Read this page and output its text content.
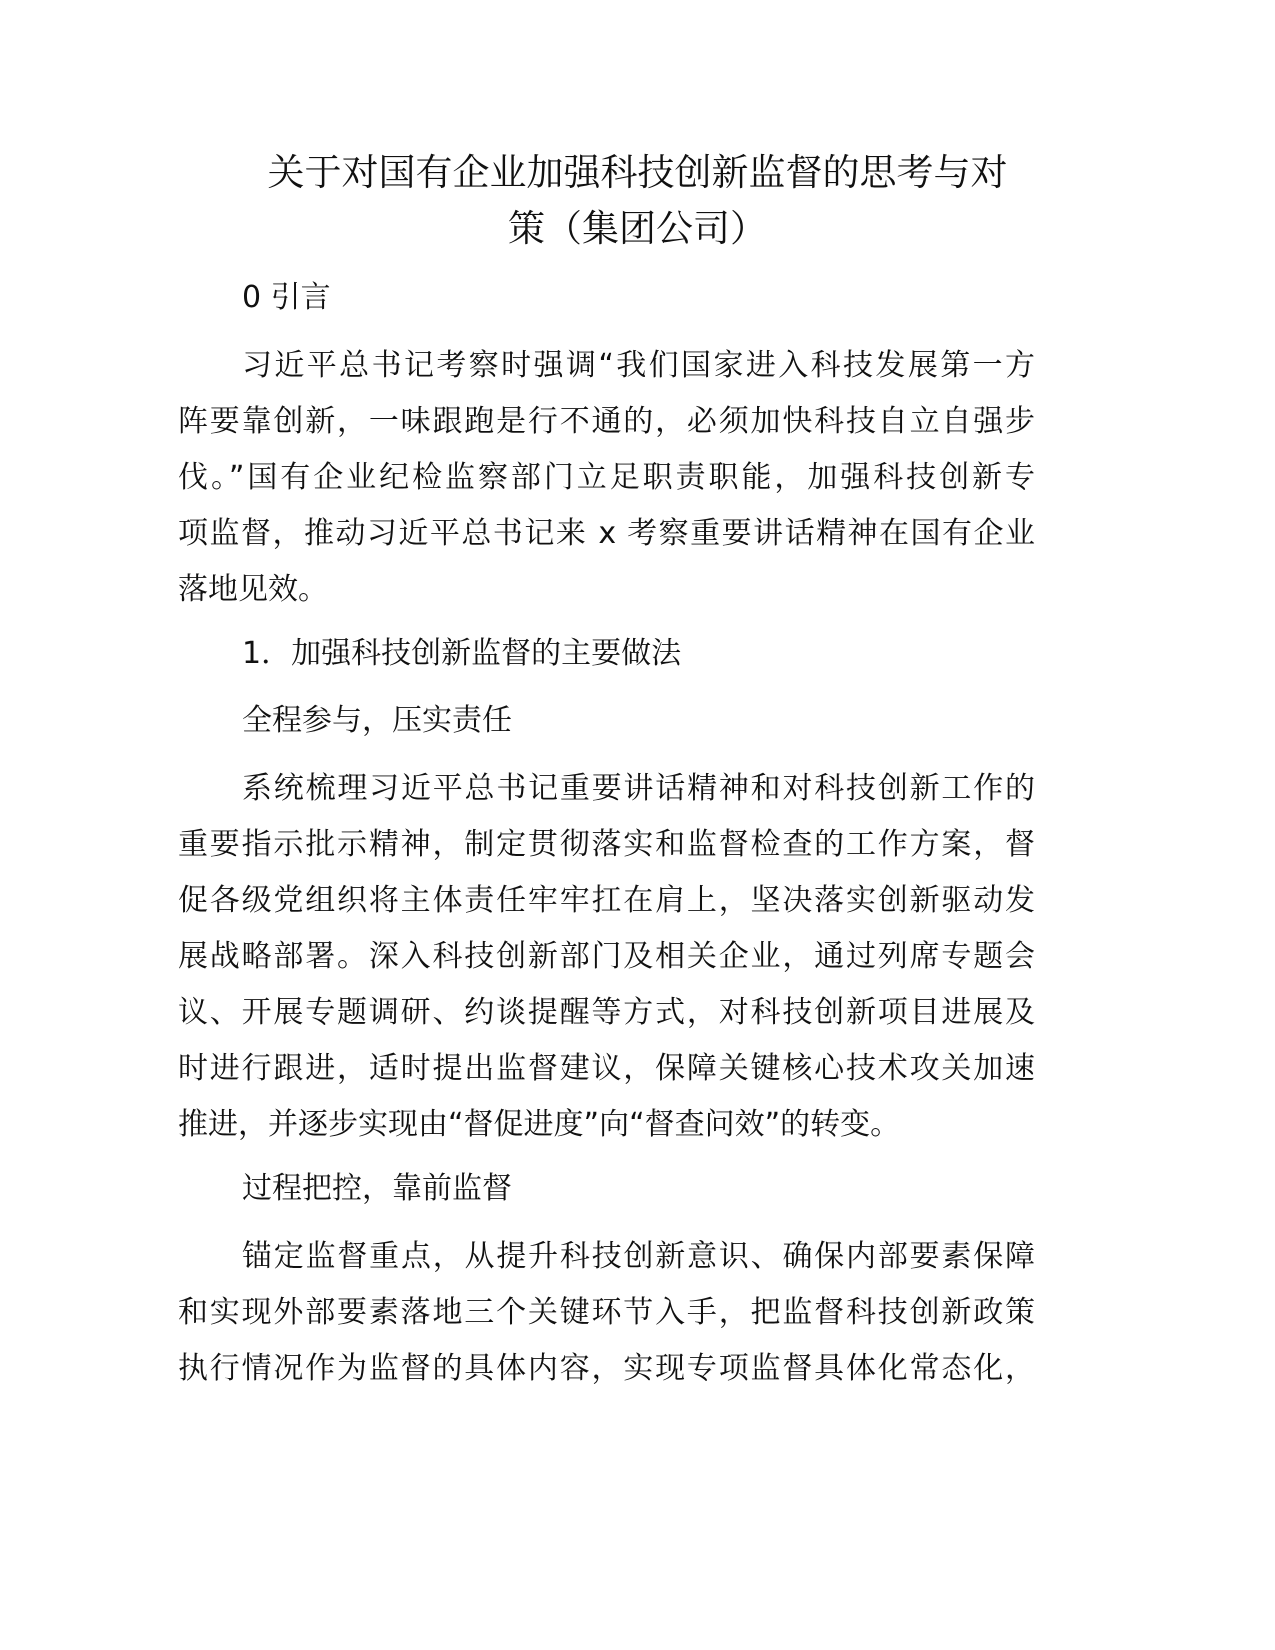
关于对国有企业加强科技创新监督的思考与对
策（集团公司）
0 引言
习近平总书记考察时强调“我们国家进入科技发展第一方
阵要靠创新，一味跟跑是行不通的，必须加快科技自立自强步
伐。”国有企业纪检监察部门立足职责职能，加强科技创新专
项监督，推动习近平总书记来 x 考察重要讲话精神在国有企业
落地见效。
1．加强科技创新监督的主要做法
全程参与，压实责任
系统梳理习近平总书记重要讲话精神和对科技创新工作的
重要指示批示精神，制定贯彻落实和监督检查的工作方案，督
促各级党组织将主体责任牢牢扛在肩上，坚决落实创新驱动发
展战略部署。深入科技创新部门及相关企业，通过列席专题会
议、开展专题调研、约谈提醒等方式，对科技创新项目进展及
时进行跟进，适时提出监督建议，保障关键核心技术攻关加速
推进，并逐步实现由“督促进度”向“督查问效”的转变。
过程把控，靠前监督
锚定监督重点，从提升科技创新意识、确保内部要素保障
和实现外部要素落地三个关键环节入手，把监督科技创新政策
执行情况作为监督的具体内容，实现专项监督具体化常态化，
